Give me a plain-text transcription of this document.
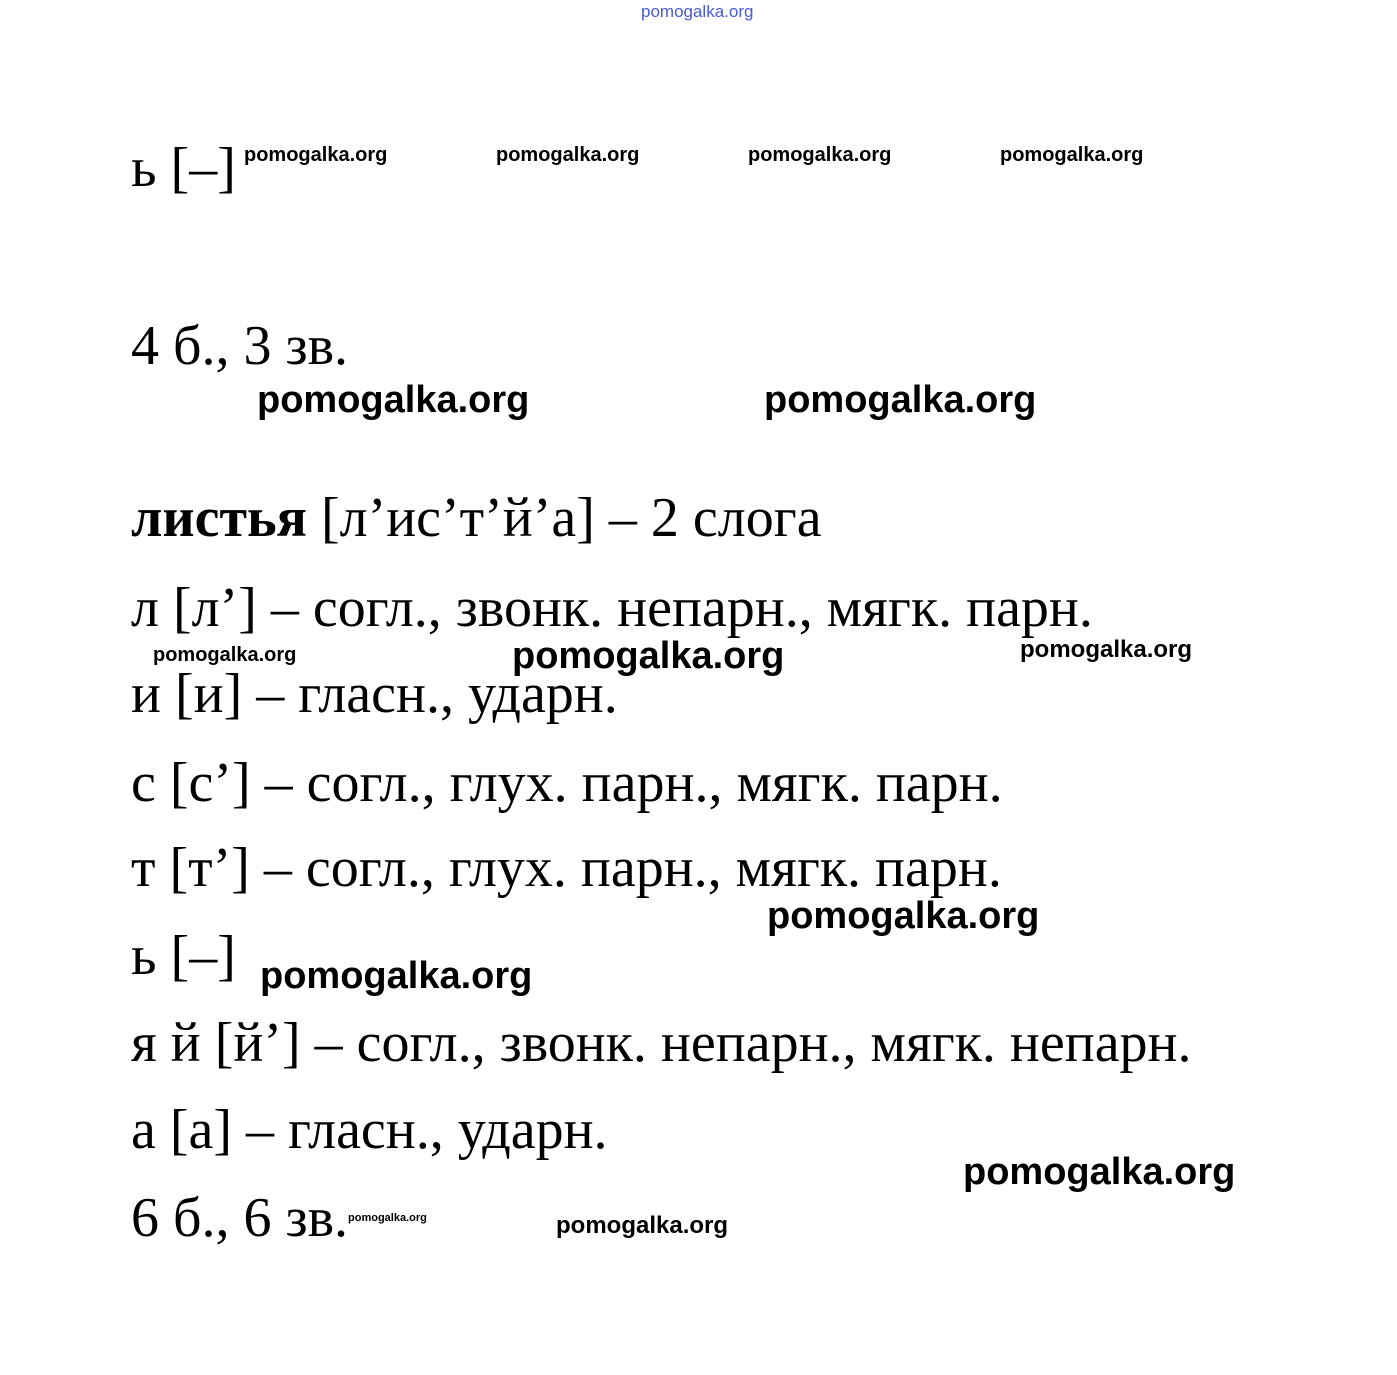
pomogalka.org
ь [–] pomogalka.org	pomogalka.org	pomogalka.org	pomogalka.org
4 б., 3 зв.
pomogalka.org	pomogalka.org
листья [л’ис’т’й’а] – 2 слога
л [л’] – согл., звонк. непарн., мягк. парн.
pomogalka.org	pomogalka.org	pomogalka.org
и [и] – гласн., ударн.
с [с’] – согл., глух. парн., мягк. парн.
т [т’] – согл., глух. парн., мягк. парн.
pomogalka.org
ь [–] pomogalka.org
я й [й’] – согл., звонк. непарн., мягк. непарн.
а [а] – гласн., ударн.
pomogalka.org
6 б., 6 зв. pomogalka.org	pomogalka.org
